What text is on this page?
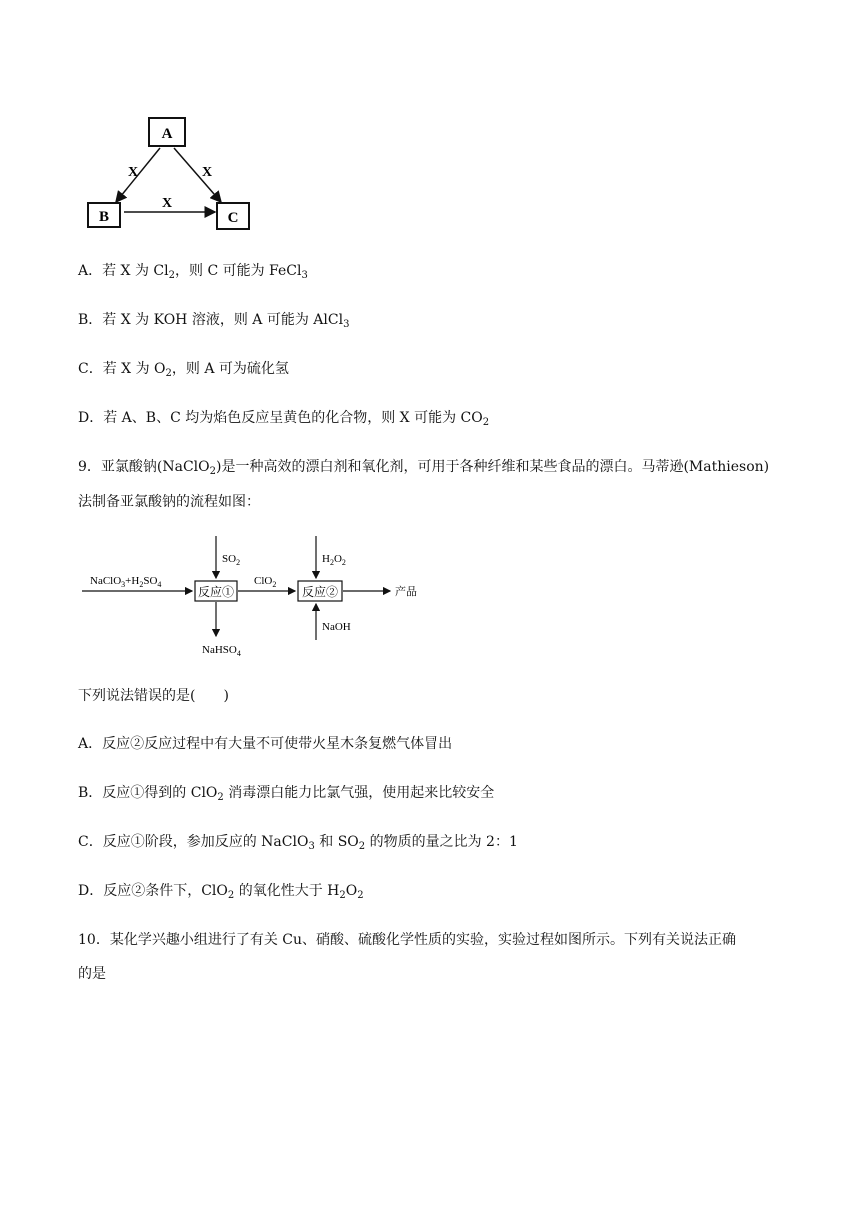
A
B	C
X	X
X
A．若 X 为 $Cl_2$，则 C 可能为 FeCl$_3$
B．若 X 为 KOH 溶液，则 A 可能为 AlCl$_3$
C．若 X 为 $O_2$，则 A 可为硫化氢
D．若 A、B、C 均为焰色反应呈黄色的化合物，则 X 可能为 $CO_2$
9．亚氯酸钠(NaClO$_2$)是一种高效的漂白剂和氧化剂，可用于各种纤维和某些食品的漂白。马蒂逊(Mathieson)
法制备亚氯酸钠的流程如图：
$NaClO_3+H_2SO_4$
反应①
$SO_2$
NaHSO$_4$
ClO$_2$
反应②
$H_2O_2$
NaOH
产品
下列说法错误的是(　　)
A．反应②反应过程中有大量不可使带火星木条复燃气体冒出
B．反应①得到的 ClO$_2$ 消毒漂白能力比氯气强，使用起来比较安全
C．反应①阶段，参加反应的 NaClO$_3$ 和 $SO_2$ 的物质的量之比为 2：1
D．反应②条件下，ClO$_2$ 的氧化性大于 $H_2O_2$
10．某化学兴趣小组进行了有关 Cu、硝酸、硫酸化学性质的实验，实验过程如图所示。下列有关说法正确
的是
